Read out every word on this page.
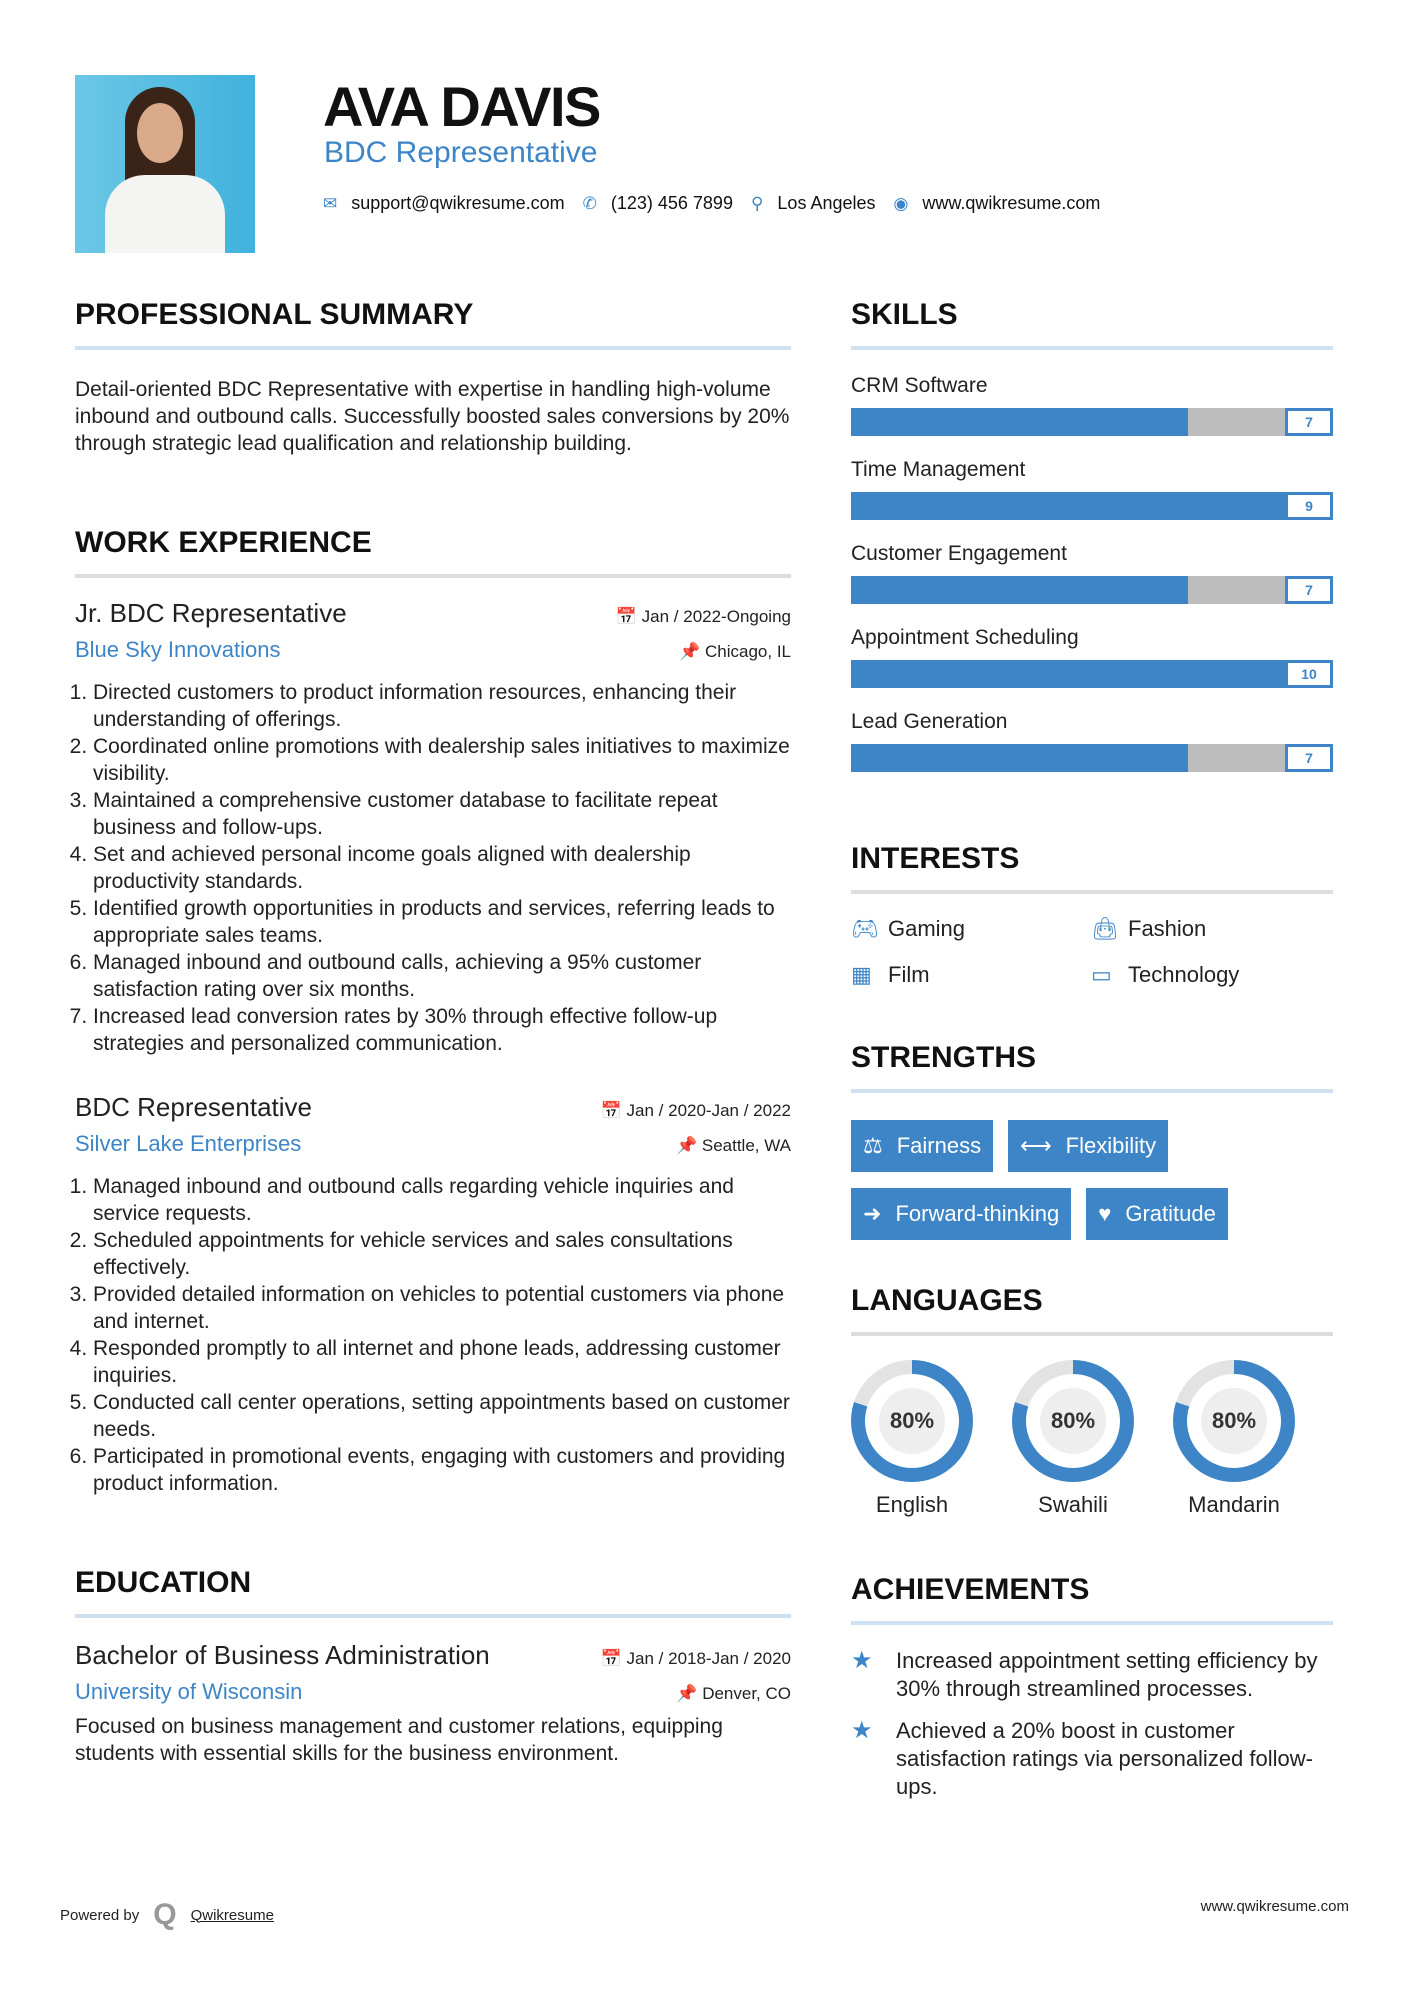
AVA DAVIS
BDC Representative
✉ support@qwikresume.com ✆ (123) 456 7899 ⚲ Los Angeles ◉ www.qwikresume.com
PROFESSIONAL SUMMARY

Detail-oriented BDC Representative with expertise in handling high-volume inbound and outbound calls. Successfully boosted sales conversions by 20% through strategic lead qualification and relationship building.

WORK EXPERIENCE
Jr. BDC Representative	📅 Jan / 2022-Ongoing
Blue Sky Innovations	📌 Chicago, IL
1. Directed customers to product information resources, enhancing their understanding of offerings.
2. Coordinated online promotions with dealership sales initiatives to maximize visibility.
3. Maintained a comprehensive customer database to facilitate repeat business and follow-ups.
4. Set and achieved personal income goals aligned with dealership productivity standards.
5. Identified growth opportunities in products and services, referring leads to appropriate sales teams.
6. Managed inbound and outbound calls, achieving a 95% customer satisfaction rating over six months.
7. Increased lead conversion rates by 30% through effective follow-up strategies and personalized communication.
BDC Representative	📅 Jan / 2020-Jan / 2022
Silver Lake Enterprises	📌 Seattle, WA
1. Managed inbound and outbound calls regarding vehicle inquiries and service requests.
2. Scheduled appointments for vehicle services and sales consultations effectively.
3. Provided detailed information on vehicles to potential customers via phone and internet.
4. Responded promptly to all internet and phone leads, addressing customer inquiries.
5. Conducted call center operations, setting appointments based on customer needs.
6. Participated in promotional events, engaging with customers and providing product information.
EDUCATION
Bachelor of Business Administration	📅 Jan / 2018-Jan / 2020
University of Wisconsin	📌 Denver, CO

Focused on business management and customer relations, equipping students with essential skills for the business environment.

SKILLS
CRM Software
7
Time Management
9
Customer Engagement
7
Appointment Scheduling
10
Lead Generation
7
INTERESTS
🎮︎ Gaming	👜︎ Fashion
▦ Film	▭ Technology
STRENGTHS
⚖ Fairness ⟷ Flexibility
➜ Forward-thinking ♥ Gratitude
LANGUAGES
80%
English
80%
Swahili
80%
Mandarin
ACHIEVEMENTS
★	Increased appointment setting efficiency by 30% through streamlined processes.
★	Achieved a 20% boost in customer satisfaction ratings via personalized follow-ups.
Powered by Q Qwikresume	www.qwikresume.com
